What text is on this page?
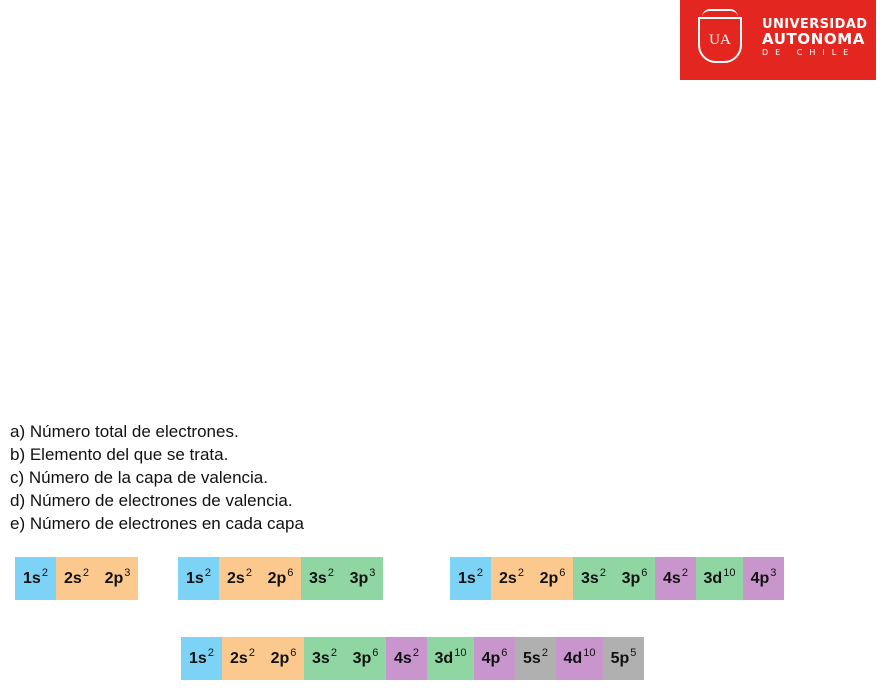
UA
UNIVERSIDAD
AUTONOMA
DE CHILE
a) Número total de electrones.
b) Elemento del que se trata.
c) Número de la capa de valencia.
d) Número de electrones de valencia.
e) Número de electrones en cada capa
$1s^2$ $2s^2$ $2p^3$	$1s^2$ $2s^2$ $2p^6$ $3s^2$ $3p^3$	$1s^2$ $2s^2$ $2p^6$ $3s^2$ $3p^6$ $4s^2$ $3d^{10}$ $4p^3$
$1s^2$ $2s^2$ $2p^6$ $3s^2$ $3p^6$ $4s^2$ $3d^{10}$ $4p^6$ $5s^2$ $4d^{10}$ $5p^5$
